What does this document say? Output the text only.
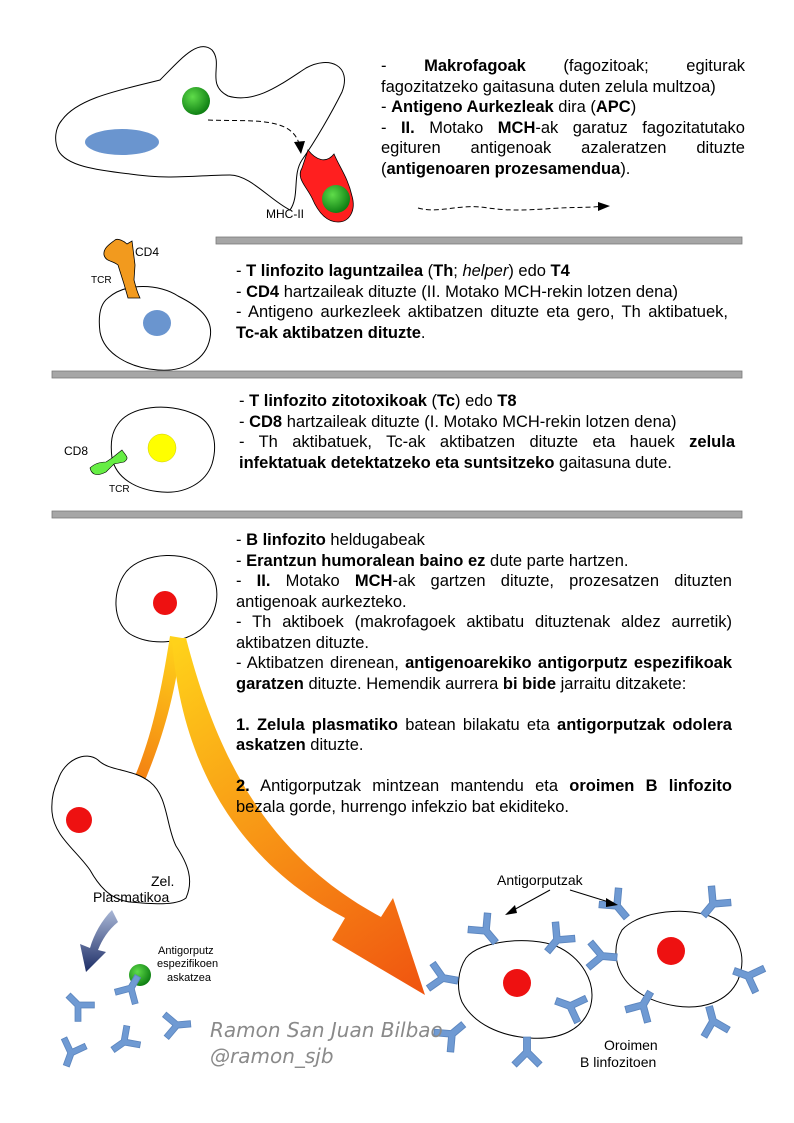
- Makrofagoak (fagozitoak; egiturak fagozitatzeko gaitasuna duten zelula multzoa)

- Antigeno Aurkezleak dira (APC)

- II. Motako MCH-ak garatuz fagozitatutako egituren antigenoak azaleratzen dituzte (antigenoaren prozesamendua).

MHC-II

- T linfozito laguntzailea (Th; helper) edo T4

- CD4 hartzaileak dituzte (II. Motako MCH-rekin lotzen dena)

- Antigeno aurkezleek aktibatzen dituzte eta gero, Th aktibatuek, Tc-ak aktibatzen dituzte.

CD4
TCR

- T linfozito zitotoxikoak (Tc) edo T8

- CD8 hartzaileak dituzte (I. Motako MCH-rekin lotzen dena)

- Th aktibatuek, Tc-ak aktibatzen dituzte eta hauek zelula infektatuak detektatzeko eta suntsitzeko gaitasuna dute.

CD8
TCR

- B linfozito heldugabeak

- Erantzun humoralean baino ez dute parte hartzen.

- II. Motako MCH-ak gartzen dituzte, prozesatzen dituzten antigenoak aurkezteko.

- Th aktiboek (makrofagoek aktibatu dituztenak aldez aurretik) aktibatzen dituzte.

- Aktibatzen direnean, antigenoarekiko antigorputz espezifikoak garatzen dituzte. Hemendik aurrera bi bide jarraitu ditzakete:

1. Zelula plasmatiko batean bilakatu eta antigorputzak odolera askatzen dituzte.

2. Antigorputzak mintzean mantendu eta oroimen B linfozito bezala gorde, hurrengo infekzio bat ekiditeko.

Zel.
Plasmatikoa
Antigorputz
espezifikoen
askatzea
Antigorputzak
Oroimen
B linfozitoen
Ramon San Juan Bilbao
@ramon_sjb
